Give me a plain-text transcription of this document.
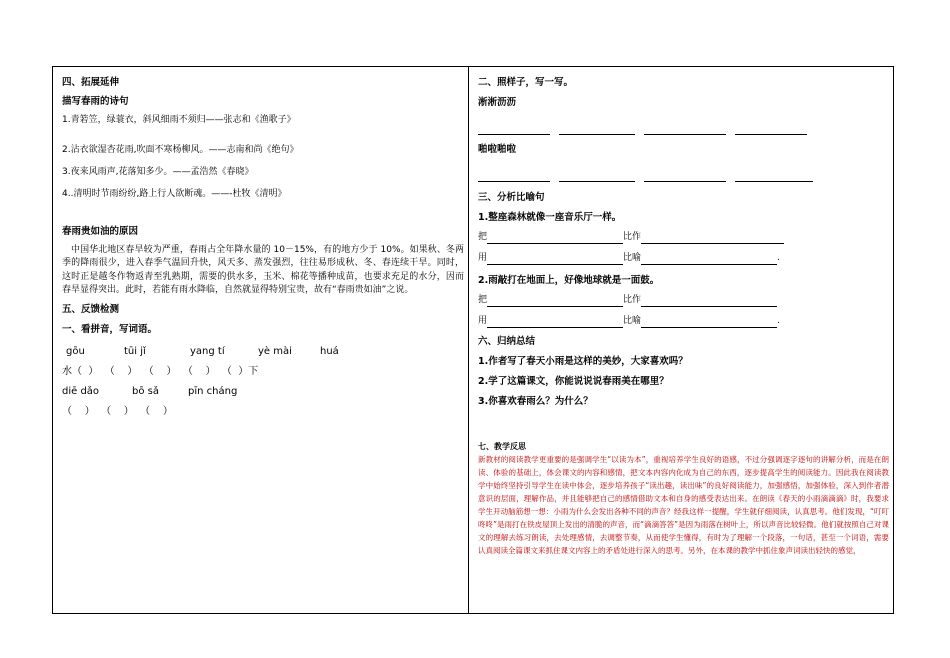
四、拓展延伸

描写春雨的诗句

1.青箬笠，绿蓑衣，斜风细雨不须归——张志和《渔歌子》

2.沾衣欲湿杏花雨,吹面不寒杨柳风。——志南和尚《绝句》

3.夜来风雨声,花落知多少。——孟浩然《春晓》

4..清明时节雨纷纷,路上行人欲断魂。——-杜牧《清明》

春雨贵如油的原因

中国华北地区春旱较为严重，春雨占全年降水量的 10－15%，有的地方少于 10%。如果秋、冬两季的降雨很少，进入春季气温回升快，风天多、蒸发强烈，往往易形成秋、冬、春连续干旱。同时，这时正是越冬作物返青至乳熟期，需要的供水多，玉米、棉花等播种成苗，也要求充足的水分，因而春旱显得突出。此时，若能有雨水降临，自然就显得特别宝贵，故有“春雨贵如油”之说。

五、反馈检测

一、看拼音，写词语。

gōu	tūi jǐ	yang tí	yè mài	huá

水（  ）  （    ）  （    ）  （    ）  （  ）下

diē dǎo	bō sǎ	pīn cháng

（    ）  （    ）  （    ）

二、照样子，写一写。

淅淅沥沥

啪啦啪啦

三、分析比喻句

1.整座森林就像一座音乐厅一样。

把	比作

用	比喻	.

2.雨敲打在地面上，好像地球就是一面鼓。

把	比作

用	比喻	.

六、归纳总结

1.作者写了春天小雨是这样的美妙，大家喜欢吗？

2.学了这篇课文，你能说说说春雨美在哪里？

3.你喜欢春雨么？为什么？

七、教学反思

新教材的阅读教学更重要的是强调学生“以读为本”，重视培养学生良好的语感，不过分强调逐字逐句的讲解分析，而是在朗读、体验的基础上，体会课文的内容和感情，把文本内容内化成为自己的东西，逐步提高学生的阅读能力。因此我在阅读教学中始终坚持引导学生在读中体会，逐步培养孩子“读出趣，读出味”的良好阅读能力，加强感悟，加强体验，深入到作者潜意识的层面，理解作品，并且能够把自己的感情借助文本和自身的感受表达出来。在朗读《春天的小雨滴滴滴》时，我要求学生开动脑筋想一想：小雨为什么会发出各种不同的声音？经我这样一提醒，学生就仔细阅读，认真思考。他们发现，“叮叮咚咚”是雨打在铁皮屋顶上发出的清脆的声音，而“滴滴答答”是因为雨落在树叶上，所以声音比较轻微。他们就按照自己对课文的理解去练习朗读，去处理感情，去调整节奏，从而使学生懂得，有时为了理解一个段落，一句话，甚至一个词语，需要认真阅读全篇课文来抓住课文内容上的矛盾处进行深入的思考。另外，在本课的教学中抓住象声词读出轻快的感觉，
